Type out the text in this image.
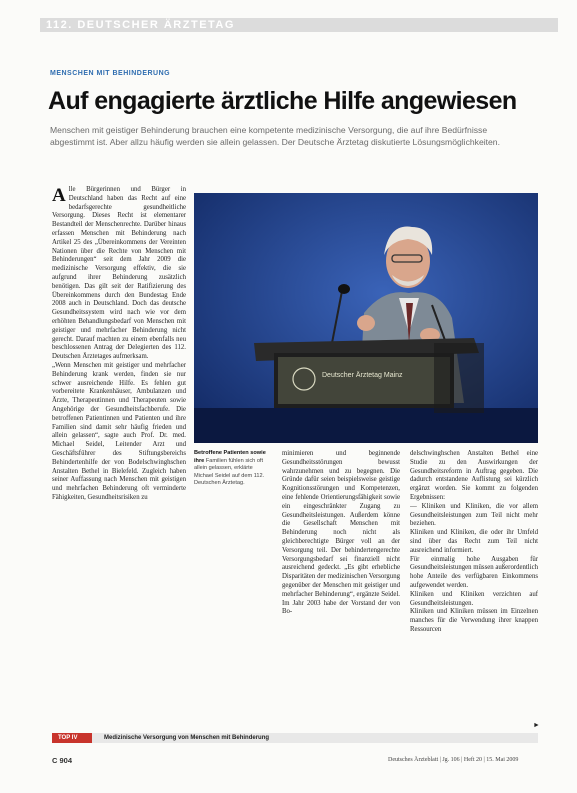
112. DEUTSCHER ÄRZTETAG
MENSCHEN MIT BEHINDERUNG
Auf engagierte ärztliche Hilfe angewiesen
Menschen mit geistiger Behinderung brauchen eine kompetente medizinische Versorgung, die auf ihre Bedürfnisse abgestimmt ist. Aber allzu häufig werden sie allein gelassen. Der Deutsche Ärztetag diskutierte Lösungsmöglichkeiten.

Alle Bürgerinnen und Bürger in Deutschland haben das Recht auf eine bedarfsgerechte gesundheitliche Versorgung. Dieses Recht ist elementarer Bestandteil der Menschenrechte. Darüber hinaus erfassen Menschen mit Behinderung nach Artikel 25 des „Übereinkommens der Vereinten Nationen über die Rechte von Menschen mit Behinderungen“ seit dem Jahr 2009 die medizinische Versorgung effektiv, die sie aufgrund ihrer Behinderung zusätzlich benötigen. Das gilt seit der Ratifizierung des Übereinkommens durch den Bundestag Ende 2008 auch in Deutschland. Doch das deutsche Gesundheitssystem wird nach wie vor dem erhöhten Behandlungsbedarf von Menschen mit geistiger und mehrfacher Behinderung nicht gerecht. Darauf machten zu einem ebenfalls neu beschlossenen Antrag der Delegierten des 112. Deutschen Ärztetages aufmerksam.

„Wenn Menschen mit geistiger und mehrfacher Behinderung krank werden, finden sie nur schwer ausreichende Hilfe. Es fehlen gut vorbereitete Krankenhäuser, Ambulanzen und Ärzte, Therapeutinnen und Therapeuten sowie Angehörige der Gesundheitsfachberufe. Die betroffenen Patientinnen und Patienten und ihre Familien sind damit sehr häufig frieden und allein gelassen“, sagte auch Prof. Dr. med. Michael Seidel, Leitender Arzt und Geschäftsführer des Stiftungsbereichs Behindertenhilfe der von Bodelschwinghschen Anstalten Bethel in Bielefeld. Zugleich haben seiner Auffassung nach Menschen mit geistigen und mehrfachen Behinderung oft verminderte Fähigkeiten, Gesundheitsrisiken zu

Deutscher Ärztetag Mainz
Betroffene Patienten sowie ihre Familien fühlen sich oft allein gelassen, erklärte Michael Seidel auf dem 112. Deutschen Ärztetag.

minimieren und beginnende Gesundheitsstörungen bewusst wahrzunehmen und zu begegnen. Die Gründe dafür seien beispielsweise geistige Kognitionsstörungen und Kompetenzen, eine fehlende Orientierungsfähigkeit sowie ein eingeschränkter Zugang zu Gesundheitsleistungen. Außerdem könne die Gesellschaft Menschen mit Behinderung noch nicht als gleichberechtigte Bürger voll an der Versorgung teil. Der behindertengerechte Versorgungsbedarf sei finanziell nicht ausreichend gedeckt. „Es gibt erhebliche Disparitäten der medizinischen Versorgung gegenüber der Menschen mit geistiger und mehrfacher Behinderung“, ergänzte Seidel. Im Jahr 2003 habe der Vorstand der von Bo-

delschwinghschen Anstalten Bethel eine Studie zu den Auswirkungen der Gesundheitsreform in Auftrag gegeben. Die dadurch entstandene Auflistung sei kürzlich ergänzt worden. Sie kommt zu folgenden Ergebnissen:

— Kliniken und Kliniken, die vor allem Gesundheitsleistungen zum Teil nicht mehr beziehen.

Kliniken und Kliniken, die oder ihr Umfeld sind über das Recht zum Teil nicht ausreichend informiert.

Für einmalig hohe Ausgaben für Gesundheitsleistungen müssen außerordentlich hohe Anteile des verfügbaren Einkommens aufgewendet werden.

Kliniken und Kliniken verzichten auf Gesundheitsleistungen.

Kliniken und Kliniken müssen im Einzelnen manches für die Verwendung ihrer knappen Ressourcen

►
TOP IV	Medizinische Versorgung von Menschen mit Behinderung
C 904	Deutsches Ärzteblatt | Jg. 106 | Heft 20 | 15. Mai 2009
